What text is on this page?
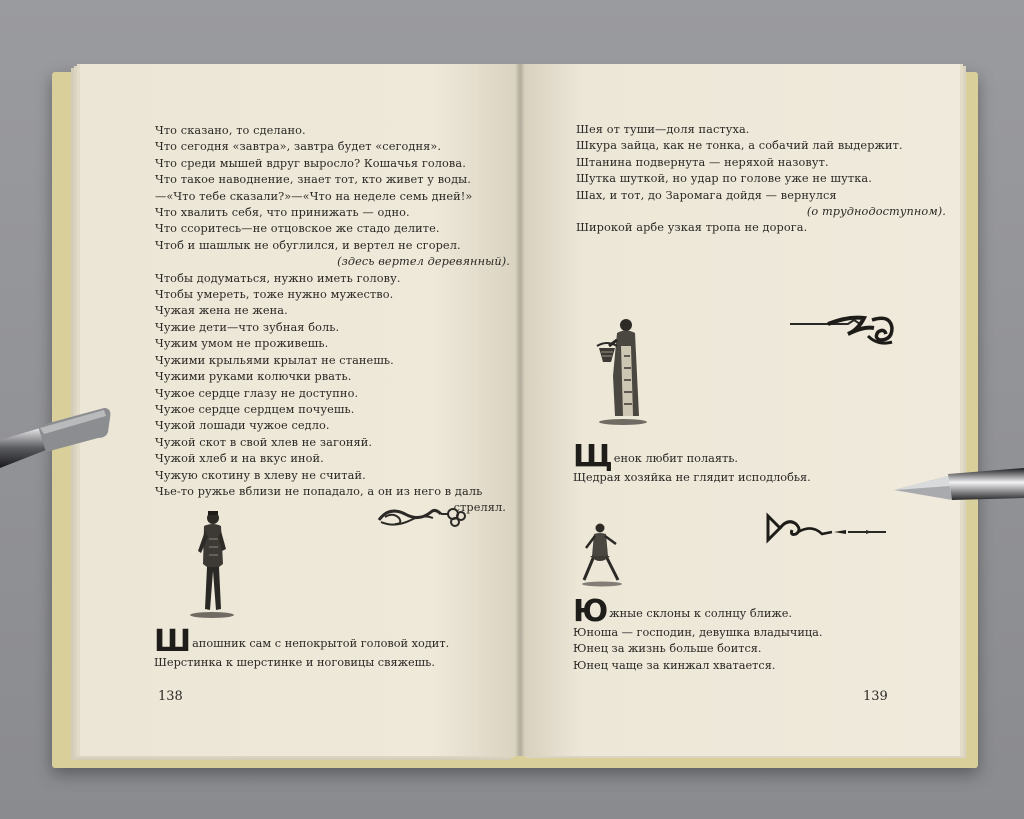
Что сказано, то сделано.
Что сегодня «завтра», завтра будет «сегодня».
Что среди мышей вдруг выросло? Кошачья голова.
Что такое наводнение, знает тот, кто живет у воды.
—«Что тебе сказали?»—«Что на неделе семь дней!»
Что хвалить себя, что принижать — одно.
Что ссоритесь—не отцовское же стадо делите.
Чтоб и шашлык не обуглился, и вертел не сгорел.
(здесь вертел деревянный).
Чтобы додуматься, нужно иметь голову.
Чтобы умереть, тоже нужно мужество.
Чужая жена не жена.
Чужие дети—что зубная боль.
Чужим умом не проживешь.
Чужими крыльями крылат не станешь.
Чужими руками колючки рвать.
Чужое сердце глазу не доступно.
Чужое сердце сердцем почуешь.
Чужой лошади чужое седло.
Чужой скот в свой хлев не загоняй.
Чужой хлеб и на вкус иной.
Чужую скотину в хлеву не считай.
Чье-то ружье вблизи не попадало, а он из него в даль
стрелял.
Шапошник сам с непокрытой головой ходит.
Шерстинка к шерстинке и ноговицы свяжешь.
138
Шея от туши—доля пастуха.
Шкура зайца, как не тонка, а собачий лай выдержит.
Штанина подвернута — неряхой назовут.
Шутка шуткой, но удар по голове уже не шутка.
Шах, и тот, до Заромага дойдя — вернулся
(о труднодоступном).
Широкой арбе узкая тропа не дорога.
Щенок любит полаять.
Щедрая хозяйка не глядит исподлобья.
Южные склоны к солнцу ближе.
Юноша — господин, девушка владычица.
Юнец за жизнь больше боится.
Юнец чаще за кинжал хватается.
139
